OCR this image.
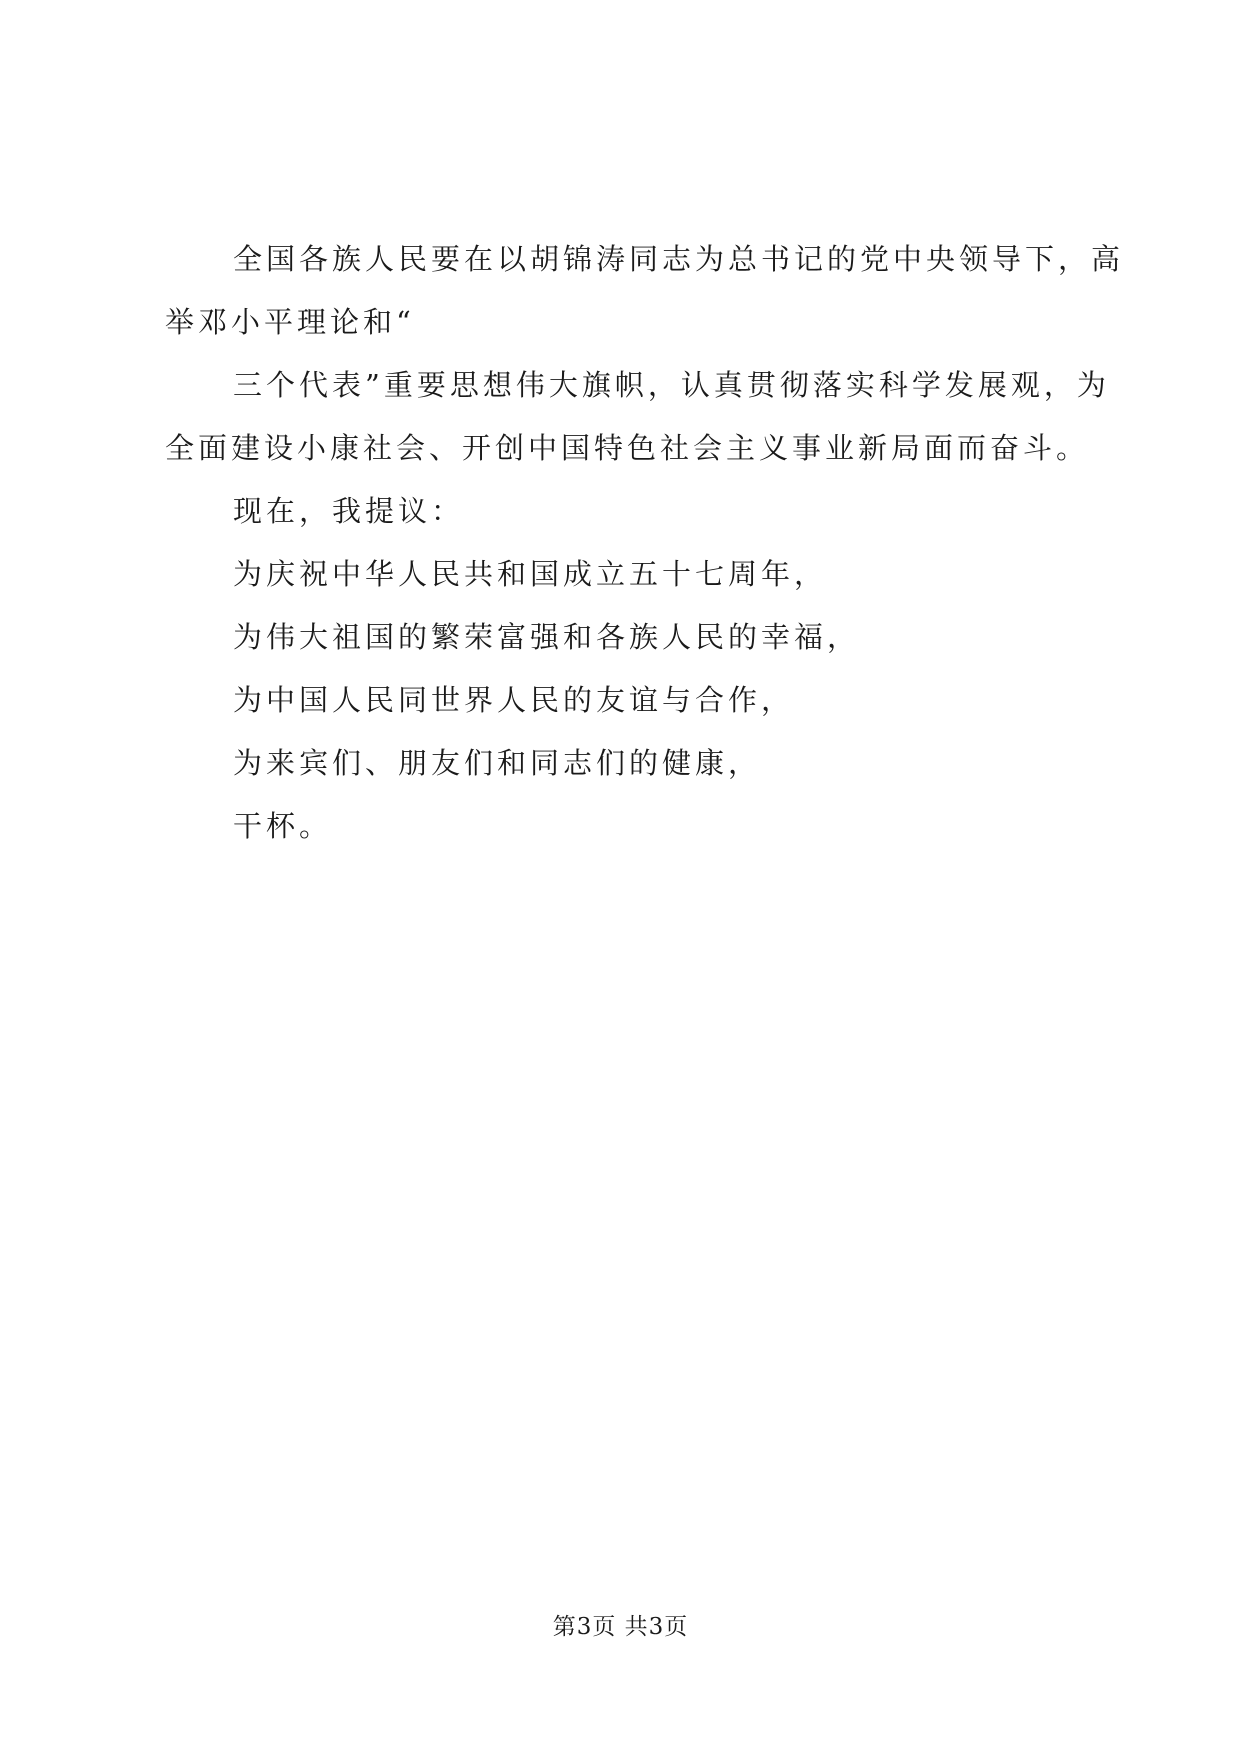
全国各族人民要在以胡锦涛同志为总书记的党中央领导下，高举邓小平理论和“

三个代表”重要思想伟大旗帜，认真贯彻落实科学发展观，为全面建设小康社会、开创中国特色社会主义事业新局面而奋斗。

现在，我提议：

为庆祝中华人民共和国成立五十七周年，

为伟大祖国的繁荣富强和各族人民的幸福，

为中国人民同世界人民的友谊与合作，

为来宾们、朋友们和同志们的健康，

干杯。

第3页 共3页
